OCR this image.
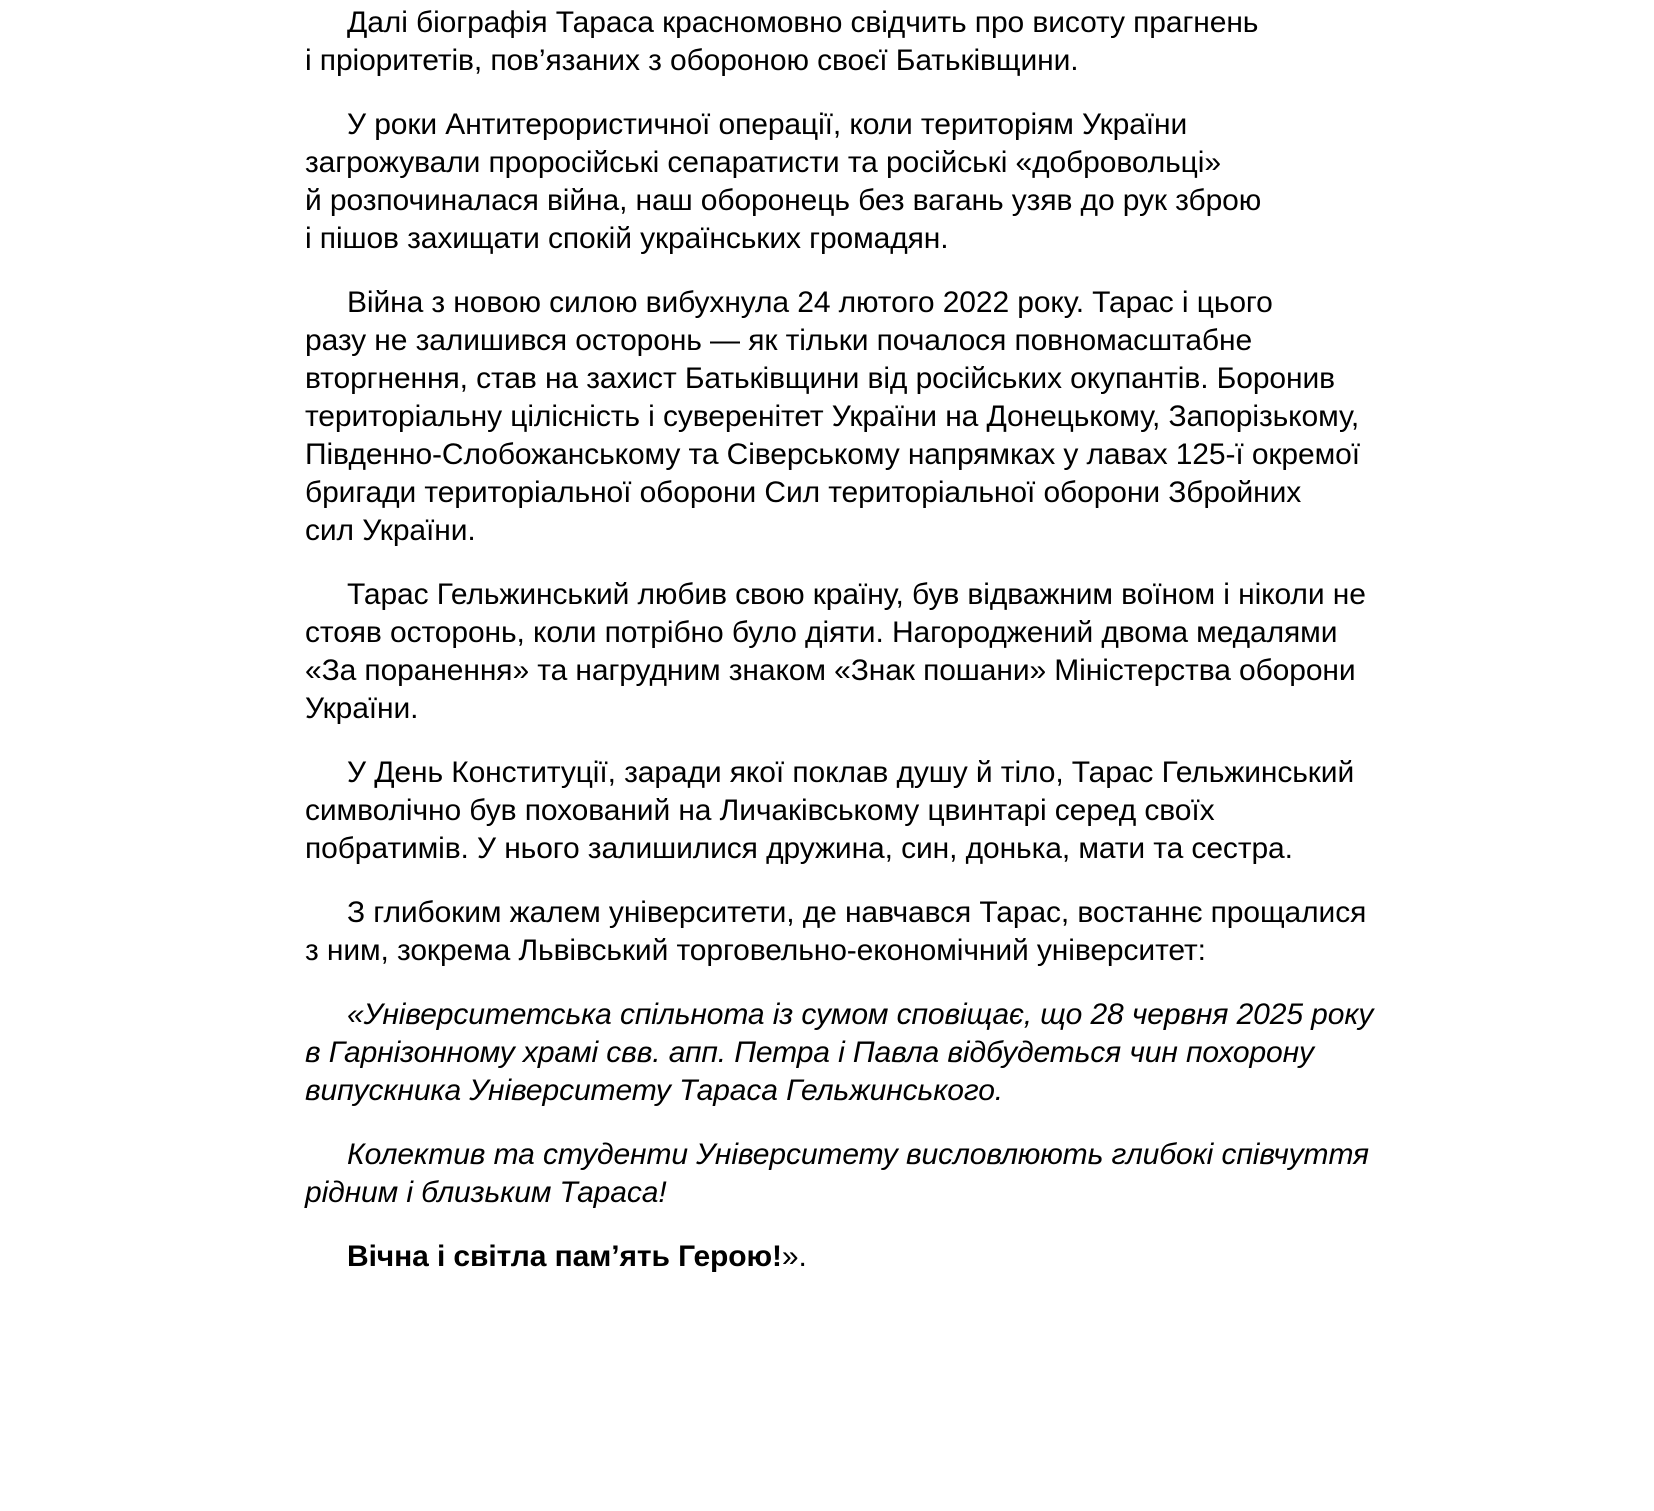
Далі біографія Тараса красномовно свідчить про висоту прагнень
і пріоритетів, пов’язаних з обороною своєї Батьківщини.

У роки Антитерористичної операції, коли територіям України
загрожували проросійські сепаратисти та російські «добровольці»
й розпочиналася війна, наш оборонець без вагань узяв до рук зброю
і пішов захищати спокій українських громадян.

Війна з новою силою вибухнула 24 лютого 2022 року. Тарас і цього
разу не залишився осторонь — як тільки почалося повномасштабне
вторгнення, став на захист Батьківщини від російських окупантів. Боронив
територіальну цілісність і суверенітет України на Донецькому, Запорізькому,
Південно-Слобожанському та Сіверському напрямках у лавах 125-ї окремої
бригади територіальної оборони Сил територіальної оборони Збройних
сил України.

Тарас Гельжинський любив свою країну, був відважним воїном і ніколи не
стояв осторонь, коли потрібно було діяти. Нагороджений двома медалями
«За поранення» та нагрудним знаком «Знак пошани» Міністерства оборони
України.

У День Конституції, заради якої поклав душу й тіло, Тарас Гельжинський
символічно був похований на Личаківському цвинтарі серед своїх
побратимів. У нього залишилися дружина, син, донька, мати та сестра.

З глибоким жалем університети, де навчався Тарас, востаннє прощалися
з ним, зокрема Львівський торговельно-економічний університет:

«Університетська спільнота із сумом сповіщає, що 28 червня 2025 року
в Гарнізонному храмі свв. апп. Петра і Павла відбудеться чин похорону
випускника Університету Тараса Гельжинського.

Колектив та студенти Університету висловлюють глибокі співчуття
рідним і близьким Тараса!

Вічна і світла пам’ять Герою!».
